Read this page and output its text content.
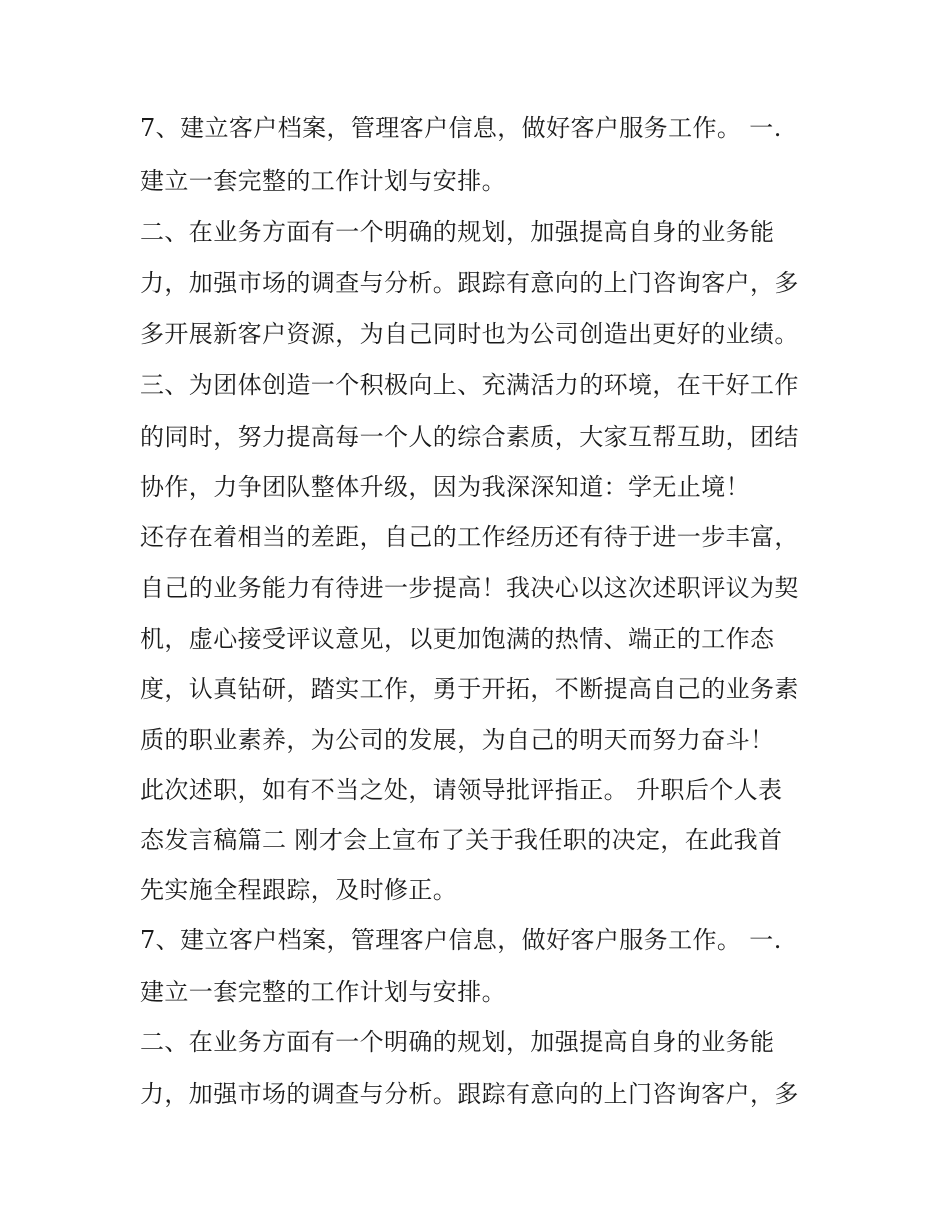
7、建立客户档案，管理客户信息，做好客户服务工作。 一.
建立一套完整的工作计划与安排。
二、在业务方面有一个明确的规划，加强提高自身的业务能
力，加强市场的调查与分析。跟踪有意向的上门咨询客户，多
多开展新客户资源，为自己同时也为公司创造出更好的业绩。
三、为团体创造一个积极向上、充满活力的环境，在干好工作
的同时，努力提高每一个人的综合素质，大家互帮互助，团结
协作，力争团队整体升级，因为我深深知道：学无止境！
还存在着相当的差距，自己的工作经历还有待于进一步丰富，
自己的业务能力有待进一步提高！我决心以这次述职评议为契
机，虚心接受评议意见，以更加饱满的热情、端正的工作态
度，认真钻研，踏实工作，勇于开拓，不断提高自己的业务素
质的职业素养，为公司的发展，为自己的明天而努力奋斗！
此次述职，如有不当之处，请领导批评指正。 升职后个人表
态发言稿篇二 刚才会上宣布了关于我任职的决定，在此我首
先实施全程跟踪，及时修正。
7、建立客户档案，管理客户信息，做好客户服务工作。 一.
建立一套完整的工作计划与安排。
二、在业务方面有一个明确的规划，加强提高自身的业务能
力，加强市场的调查与分析。跟踪有意向的上门咨询客户，多
